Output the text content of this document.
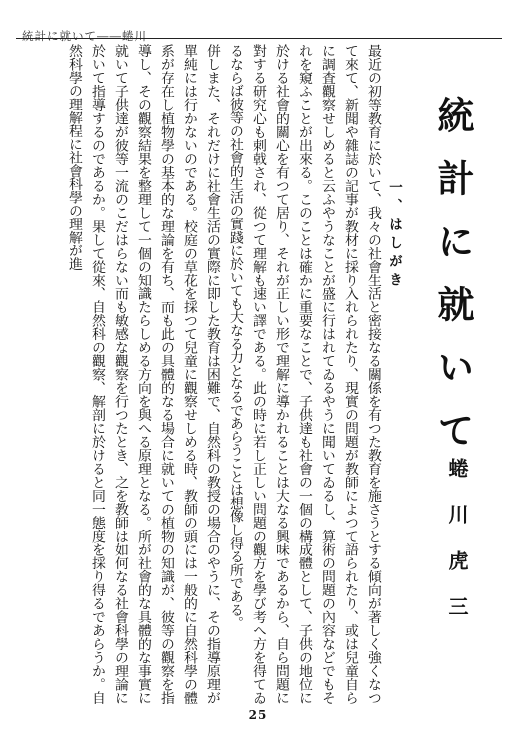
統計に就いて――蜷川
統計に就いて
蜷川虎三
一、はしがき

最近の初等教育に於いて、我々の社會生活と密接なる關係を有つた教育を施さうとする傾向が著しく強くなつて來て、新聞や雜誌の記事が教材に採り入れられたり、現實の問題が教師によつて語られたり、或は兒童自らに調査觀察せしめると云ふやうなことが盛に行はれてゐるやうに聞いてゐるし、算術の問題の內容などでもそれを窺ふことが出來る。このことは確かに重要なことで、子供達も社會の一個の構成體として、子供の地位に於ける社會的關心を有つて居り、それが正しい形で理解に導かれることは大なる興味であるから、自ら問題に對する研究心も刺戟され、從つて理解も速い譯である。此の時に若し正しい問題の觀方を學び考へ方を得てゐるならば彼等の社會的生活の實踐に於いても大なる力となるであらうことは想像し得る所である。

併しまた、それだけに社會生活の實際に即した教育は困難で、自然科の教授の場合のやうに、その指導原理が單純には行かないのである。校庭の草花を採つて兒童に觀察せしめる時、教師の頭には一般的に自然科學の體系が存在し植物學の基本的な理論を有ち、而も此の具體的なる場合に就いての植物の知識が、彼等の觀察を指導し、その觀察結果を整理して一個の知識たらしめる方向を與へる原理となる。所が社會的な具體的な事實に就いて子供達が彼等一流のこだはらない而も敏感な觀察を行つたとき、之を教師は如何なる社會科學の理論に於いて指導するのであるか。果して從來、自然科の觀察、解剖に於けると同一態度を採り得るであらうか。自然科學の理解程に社會科學の理解が進

25
